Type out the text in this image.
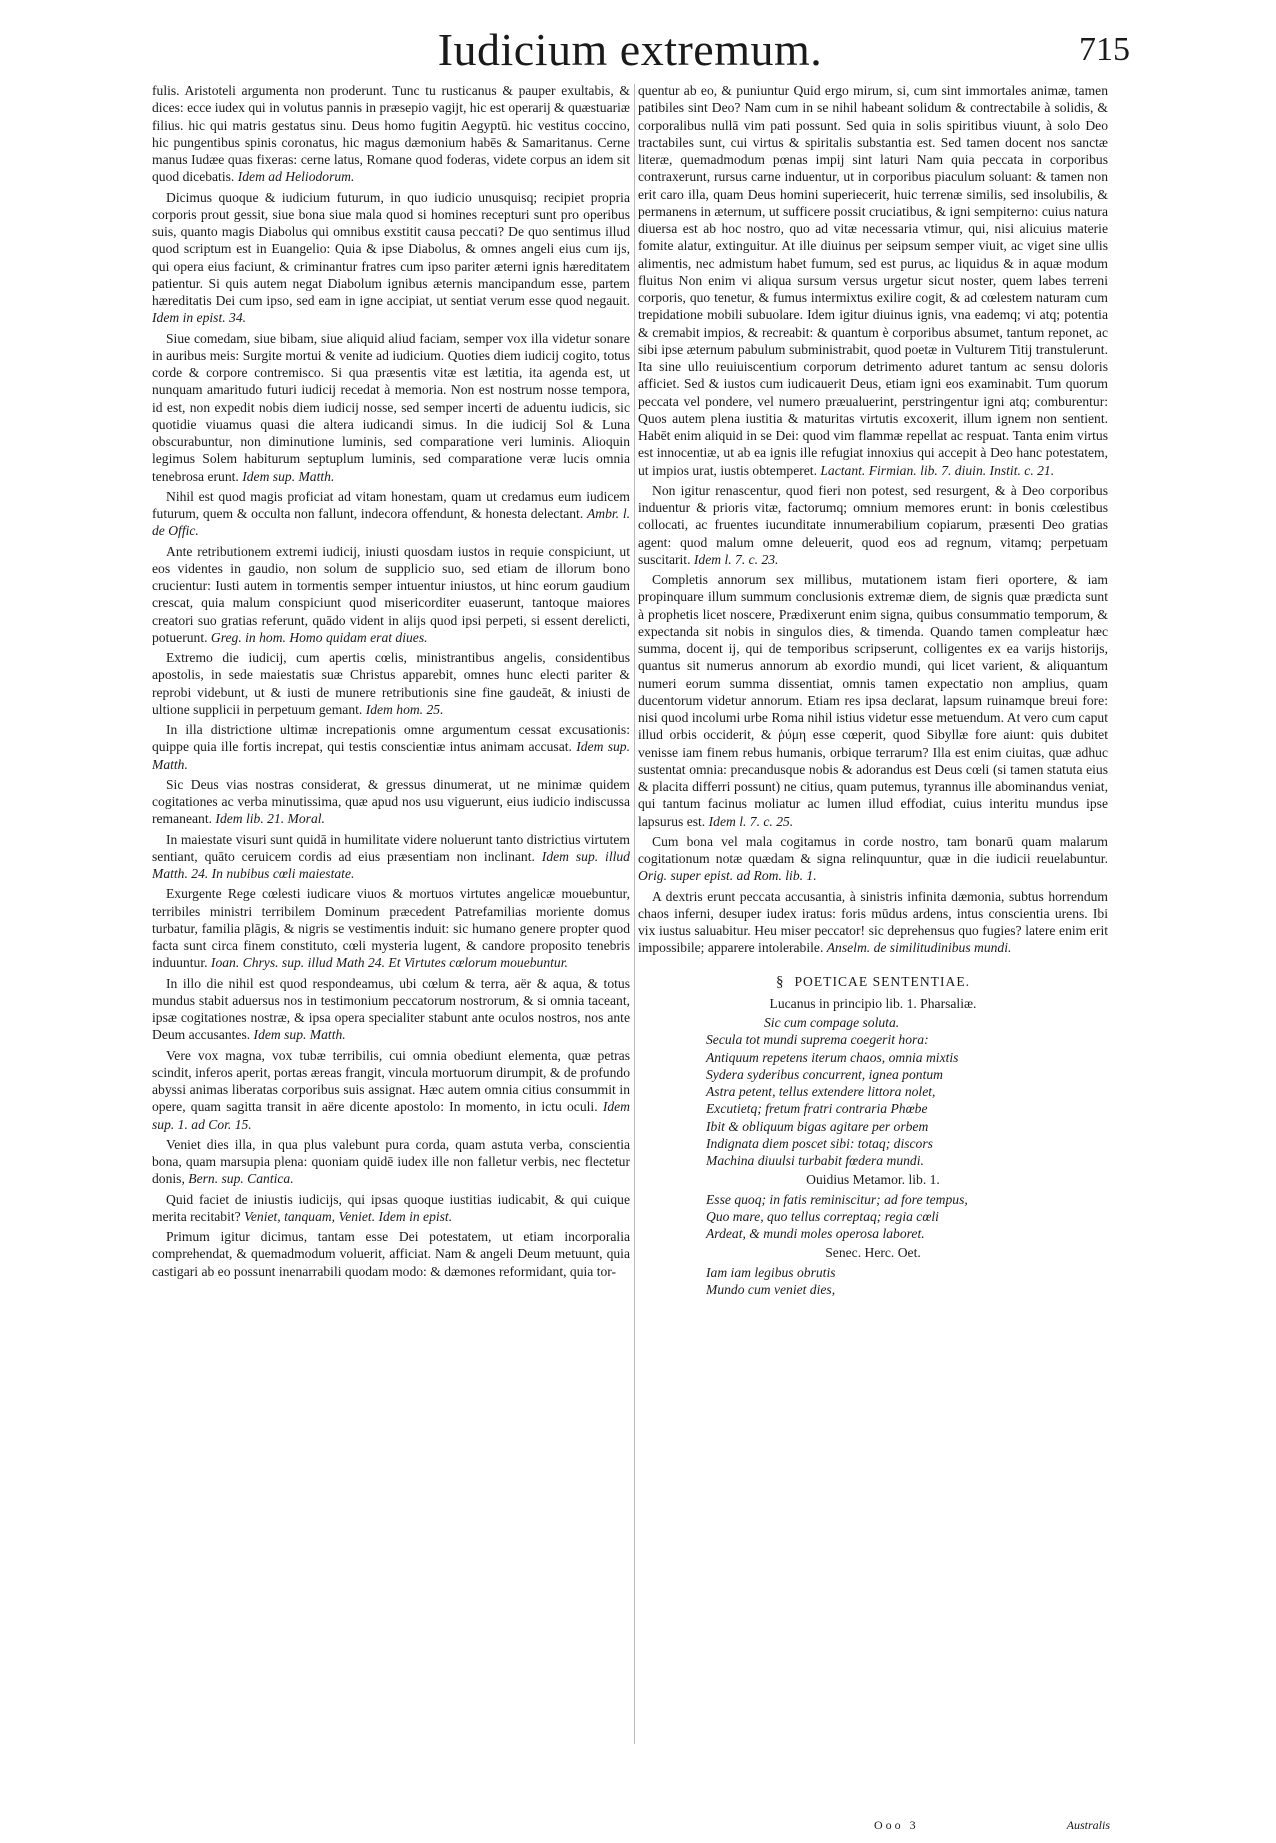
Iudicium extremum.	715

fulis. Aristoteli argumenta non proderunt. Tunc tu rusticanus & pauper exultabis, & dices: ecce iudex qui in volutus pannis in præsepio vagijt, hic est operarij & quæstuariæ filius. hic qui matris gestatus sinu. Deus homo fugitin Aegyptū. hic vestitus coccino, hic pungentibus spinis coronatus, hic magus dæmonium habēs & Samaritanus. Cerne manus Iudæe quas fixeras: cerne latus, Romane quod foderas, videte corpus an idem sit quod dicebatis. Idem ad Heliodorum.

Dicimus quoque & iudicium futurum, in quo iudicio unusquisq; recipiet propria corporis prout gessit, siue bona siue mala quod si homines recepturi sunt pro operibus suis, quanto magis Diabolus qui omnibus exstitit causa peccati? De quo sentimus illud quod scriptum est in Euangelio: Quia & ipse Diabolus, & omnes angeli eius cum ijs, qui opera eius faciunt, & criminantur fratres cum ipso pariter æterni ignis hæreditatem patientur. Si quis autem negat Diabolum ignibus æternis mancipandum esse, partem hæreditatis Dei cum ipso, sed eam in igne accipiat, ut sentiat verum esse quod negauit. Idem in epist. 34.

Siue comedam, siue bibam, siue aliquid aliud faciam, semper vox illa videtur sonare in auribus meis: Surgite mortui & venite ad iudicium. Quoties diem iudicij cogito, totus corde & corpore contremisco. Si qua præsentis vitæ est lætitia, ita agenda est, ut nunquam amaritudo futuri iudicij recedat à memoria. Non est nostrum nosse tempora, id est, non expedit nobis diem iudicij nosse, sed semper incerti de aduentu iudicis, sic quotidie viuamus quasi die altera iudicandi simus. In die iudicij Sol & Luna obscurabuntur, non diminutione luminis, sed comparatione veri luminis. Alioquin legimus Solem habiturum septuplum luminis, sed comparatione veræ lucis omnia tenebrosa erunt. Idem sup. Matth.

Nihil est quod magis proficiat ad vitam honestam, quam ut credamus eum iudicem futurum, quem & occulta non fallunt, indecora offendunt, & honesta delectant. Ambr. l. de Offic.

Ante retributionem extremi iudicij, iniusti quosdam iustos in requie conspiciunt, ut eos videntes in gaudio, non solum de supplicio suo, sed etiam de illorum bono crucientur: Iusti autem in tormentis semper intuentur iniustos, ut hinc eorum gaudium crescat, quia malum conspiciunt quod misericorditer euaserunt, tantoque maiores creatori suo gratias referunt, quādo vident in alijs quod ipsi perpeti, si essent derelicti, potuerunt. Greg. in hom. Homo quidam erat diues.

Extremo die iudicij, cum apertis cœlis, ministrantibus angelis, considentibus apostolis, in sede maiestatis suæ Christus apparebit, omnes hunc electi pariter & reprobi videbunt, ut & iusti de munere retributionis sine fine gaudeāt, & iniusti de ultione supplicii in perpetuum gemant. Idem hom. 25.

In illa districtione ultimæ increpationis omne argumentum cessat excusationis: quippe quia ille fortis increpat, qui testis conscientiæ intus animam accusat. Idem sup. Matth.

Sic Deus vias nostras considerat, & gressus dinumerat, ut ne minimæ quidem cogitationes ac verba minutissima, quæ apud nos usu viguerunt, eius iudicio indiscussa remaneant. Idem lib. 21. Moral.

In maiestate visuri sunt quidā in humilitate videre noluerunt tanto districtius virtutem sentiant, quāto ceruicem cordis ad eius præsentiam non inclinant. Idem sup. illud Matth. 24. In nubibus cœli maiestate.

Exurgente Rege cœlesti iudicare viuos & mortuos virtutes angelicæ mouebuntur, terribiles ministri terribilem Dominum præcedent Patrefamilias moriente domus turbatur, familia plāgis, & nigris se vestimentis induit: sic humano genere propter quod facta sunt circa finem constituto, cœli mysteria lugent, & candore proposito tenebris induuntur. Ioan. Chrys. sup. illud Math 24. Et Virtutes cœlorum mouebuntur.

In illo die nihil est quod respondeamus, ubi cœlum & terra, aër & aqua, & totus mundus stabit aduersus nos in testimonium peccatorum nostrorum, & si omnia taceant, ipsæ cogitationes nostræ, & ipsa opera specialiter stabunt ante oculos nostros, nos ante Deum accusantes. Idem sup. Matth.

Vere vox magna, vox tubæ terribilis, cui omnia obediunt elementa, quæ petras scindit, inferos aperit, portas æreas frangit, vincula mortuorum dirumpit, & de profundo abyssi animas liberatas corporibus suis assignat. Hæc autem omnia citius consummit in opere, quam sagitta transit in aëre dicente apostolo: In momento, in ictu oculi. Idem sup. 1. ad Cor. 15.

Veniet dies illa, in qua plus valebunt pura corda, quam astuta verba, conscientia bona, quam marsupia plena: quoniam quidē iudex ille non falletur verbis, nec flectetur donis, Bern. sup. Cantica.

Quid faciet de iniustis iudicijs, qui ipsas quoque iustitias iudicabit, & qui cuique merita recitabit? Veniet, tanquam, Veniet. Idem in epist.

Primum igitur dicimus, tantam esse Dei potestatem, ut etiam incorporalia comprehendat, & quemadmodum voluerit, afficiat. Nam & angeli Deum metuunt, quia castigari ab eo possunt inenarrabili quodam modo: & dæmones reformidant, quia tor-

quentur ab eo, & puniuntur Quid ergo mirum, si, cum sint immortales animæ, tamen patibiles sint Deo? Nam cum in se nihil habeant solidum & contrectabile à solidis, & corporalibus nullā vim pati possunt. Sed quia in solis spiritibus viuunt, à solo Deo tractabiles sunt, cui virtus & spiritalis substantia est. Sed tamen docent nos sanctæ literæ, quemadmodum pœnas impij sint laturi Nam quia peccata in corporibus contraxerunt, rursus carne induentur, ut in corporibus piaculum soluant: & tamen non erit caro illa, quam Deus homini superiecerit, huic terrenæ similis, sed insolubilis, & permanens in æternum, ut sufficere possit cruciatibus, & igni sempiterno: cuius natura diuersa est ab hoc nostro, quo ad vitæ necessaria vtimur, qui, nisi alicuius materie fomite alatur, extinguitur. At ille diuinus per seipsum semper viuit, ac viget sine ullis alimentis, nec admistum habet fumum, sed est purus, ac liquidus & in aquæ modum fluitus Non enim vi aliqua sursum versus urgetur sicut noster, quem labes terreni corporis, quo tenetur, & fumus intermixtus exilire cogit, & ad cœlestem naturam cum trepidatione mobili subuolare. Idem igitur diuinus ignis, vna eademq; vi atq; potentia & cremabit impios, & recreabit: & quantum è corporibus absumet, tantum reponet, ac sibi ipse æternum pabulum subministrabit, quod poetæ in Vulturem Titij transtulerunt. Ita sine ullo reuiuiscentium corporum detrimento aduret tantum ac sensu doloris afficiet. Sed & iustos cum iudicauerit Deus, etiam igni eos examinabit. Tum quorum peccata vel pondere, vel numero præualuerint, perstringentur igni atq; comburentur: Quos autem plena iustitia & maturitas virtutis excoxerit, illum ignem non sentient. Habēt enim aliquid in se Dei: quod vim flammæ repellat ac respuat. Tanta enim virtus est innocentiæ, ut ab ea ignis ille refugiat innoxius qui accepit à Deo hanc potestatem, ut impios urat, iustis obtemperet. Lactant. Firmian. lib. 7. diuin. Instit. c. 21.

Non igitur renascentur, quod fieri non potest, sed resurgent, & à Deo corporibus induentur & prioris vitæ, factorumq; omnium memores erunt: in bonis cœlestibus collocati, ac fruentes iucunditate innumerabilium copiarum, præsenti Deo gratias agent: quod malum omne deleuerit, quod eos ad regnum, vitamq; perpetuam suscitarit. Idem l. 7. c. 23.

Completis annorum sex millibus, mutationem istam fieri oportere, & iam propinquare illum summum conclusionis extremæ diem, de signis quæ prædicta sunt à prophetis licet noscere, Prædixerunt enim signa, quibus consummatio temporum, & expectanda sit nobis in singulos dies, & timenda. Quando tamen compleatur hæc summa, docent ij, qui de temporibus scripserunt, colligentes ex ea varijs historijs, quantus sit numerus annorum ab exordio mundi, qui licet varient, & aliquantum numeri eorum summa dissentiat, omnis tamen expectatio non amplius, quam ducentorum videtur annorum. Etiam res ipsa declarat, lapsum ruinamque breui fore: nisi quod incolumi urbe Roma nihil istius videtur esse metuendum. At vero cum caput illud orbis occiderit, & ῥύμη esse cœperit, quod Sibyllæ fore aiunt: quis dubitet venisse iam finem rebus humanis, orbique terrarum? Illa est enim ciuitas, quæ adhuc sustentat omnia: precandusque nobis & adorandus est Deus cœli (si tamen statuta eius & placita differri possunt) ne citius, quam putemus, tyrannus ille abominandus veniat, qui tantum facinus moliatur ac lumen illud effodiat, cuius interitu mundus ipse lapsurus est. Idem l. 7. c. 25.

Cum bona vel mala cogitamus in corde nostro, tam bonarū quam malarum cogitationum notæ quædam & signa relinquuntur, quæ in die iudicii reuelabuntur. Orig. super epist. ad Rom. lib. 1.

A dextris erunt peccata accusantia, à sinistris infinita dæmonia, subtus horrendum chaos inferni, desuper iudex iratus: foris mūdus ardens, intus conscientia urens. Ibi vix iustus saluabitur. Heu miser peccator! sic deprehensus quo fugies? latere enim erit impossibile; apparere intolerabile. Anselm. de similitudinibus mundi.

§ POETICAE SENTENTIAE.
Lucanus in principio lib. 1. Pharsaliæ.
Sic cum compage soluta.
Secula tot mundi suprema coegerit hora:
Antiquum repetens iterum chaos, omnia mixtis
Sydera syderibus concurrent, ignea pontum
Astra petent, tellus extendere littora nolet,
Excutietq; fretum fratri contraria Phœbe
Ibit & obliquum bigas agitare per orbem
Indignata diem poscet sibi: totaq; discors
Machina diuulsi turbabit fœdera mundi.
Ouidius Metamor. lib. 1.
Esse quoq; in fatis reminiscitur; ad fore tempus,
Quo mare, quo tellus correptaq; regia cœli
Ardeat, & mundi moles operosa laboret.
Senec. Herc. Oet.
Iam iam legibus obrutis
Mundo cum veniet dies,
Ooo 3	Australis
